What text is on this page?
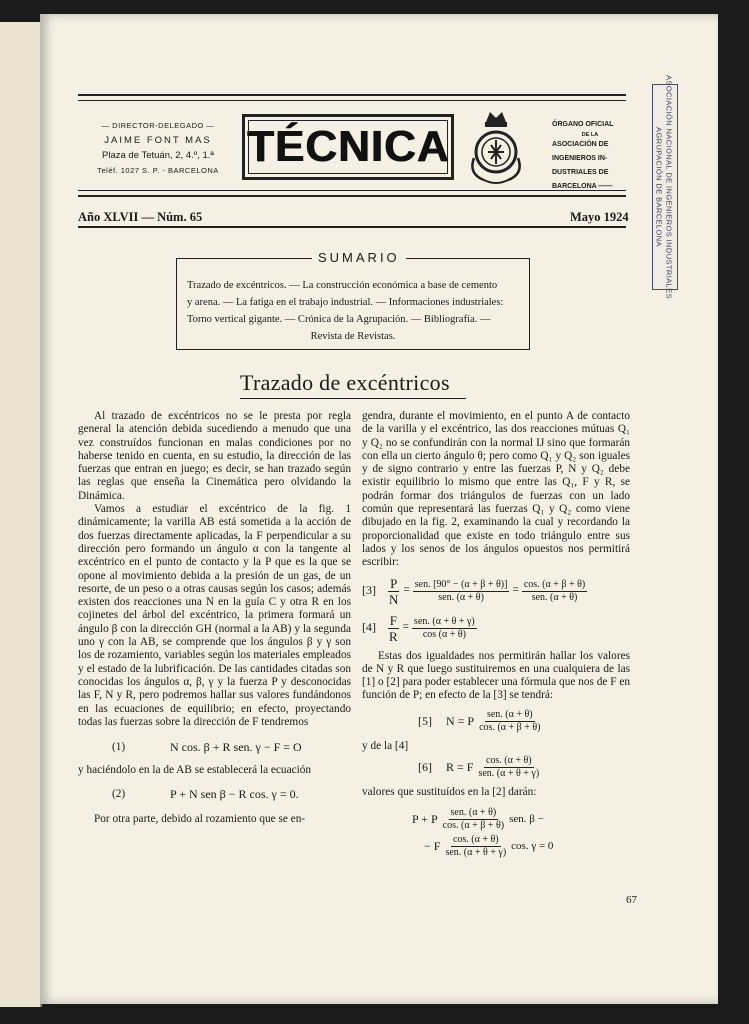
— DIRECTOR-DELEGADO —
JAIME FONT MAS
Plaza de Tetuán, 2, 4.º, 1.ª
Teléf. 1027 S. P. - BARCELONA TÉCNICA	ÓRGANO OFICIAL
DE LA
ASOCIACIÓN DE
INGENIEROS IN-
DUSTRIALES DE
BARCELONA ——
Año XLVII — Núm. 65	Mayo 1924	ASOCIACIÓN NACIONAL DE INGENIEROS INDUSTRIALES
AGRUPACIÓN DE BARCELONA
Trazado de excéntricos. — La construcción económica a base de cemento
y arena. — La fatiga en el trabajo industrial. — Informaciones industriales:
Torno vertical gigante. — Crónica de la Agrupación. — Bibliografía. —
Revista de Revistas.
SUMARIO
Trazado de excéntricos

Al trazado de excéntricos no se le presta por regla general la atención debida sucediendo a menudo que una vez construídos funcionan en malas condiciones por no haberse tenido en cuenta, en su estudio, la dirección de las fuerzas que entran en juego; es decir, se han trazado según las reglas que enseña la Cinemática pero olvidando la Dinámica.

Vamos a estudiar el excéntrico de la fig. 1 dinámicamente; la varilla AB está sometida a la acción de dos fuerzas directamente aplicadas, la F perpendicular a su dirección pero formando un ángulo α con la tangente al excéntrico en el punto de contacto y la P que es la que se opone al movimiento debida a la presión de un gas, de un resorte, de un peso o a otras causas según los casos; además existen dos reacciones una N en la guía C y otra R en los cojinetes del árbol del excéntrico, la primera formará un ángulo β con la dirección GH (normal a la AB) y la segunda uno γ con la AB, se comprende que los ángulos β y γ son los de rozamiento, variables según los materiales empleados y el estado de la lubrificación. De las cantidades citadas son conocidas los ángulos α, β, γ y la fuerza P y desconocidas las F, N y R, pero podremos hallar sus valores fundándonos en las ecuaciones de equilibrio; en efecto, proyectando todas las fuerzas sobre la dirección de F tendremos

(1)	N cos. β + R sen. γ − F = O

y haciéndolo en la de AB se establecerá la ecuación

(2)	P + N sen β − R cos. γ = 0.

Por otra parte, debido al rozamiento que se en-

gendra, durante el movimiento, en el punto A de contacto de la varilla y el excéntrico, las dos reacciones mútuas Q₁ y Q₂ no se confundirán con la normal IJ sino que formarán con ella un cierto ángulo θ; pero como Q₁ y Q₂ son iguales y de signo contrario y entre las fuerzas P, N y Q₂ debe existir equilibrio lo mismo que entre las Q₁, F y R, se podrán formar dos triángulos de fuerzas con un lado común que representará las fuerzas Q₁ y Q₂ como viene dibujado en la fig. 2, examinando la cual y recordando la proporcionalidad que existe en todo triángulo entre sus lados y los senos de los ángulos opuestos nos permitirá escribir:

$[3] \frac{P}{N} = \frac{\text{sen. [90° − (α + β + θ)]}}{\text{sen. (α + θ)}} = \frac{\cos. (\alpha + \beta + \theta)}{\text{sen. (α + θ)}}$
$[4] \frac{F}{R} = \frac{\text{sen. (α + θ + γ)}}{\cos (\alpha + \theta)}$

Estas dos igualdades nos permitirán hallar los valores de N y R que luego sustituiremos en una cualquiera de las [1] o [2] para poder establecer una fórmula que nos de F en función de P; en efecto de la [3] se tendrá:

[5]	N = P $\frac{\text{sen. (α + θ)}}{\cos. (\alpha + \beta + \theta)}$

y de la [4]

[6]	R = F $\frac{\cos. (\alpha + \theta)}{\text{sen. (α + θ + γ)}}$

valores que sustituídos en la [2] darán:

P + P $\frac{\text{sen. (α + θ)}}{\cos. (\alpha + \beta + \theta)}$ sen. β −
− F $\frac{\cos. (\alpha + \theta)}{\text{sen. (α + θ + γ)}} \cos$. γ = 0
67
